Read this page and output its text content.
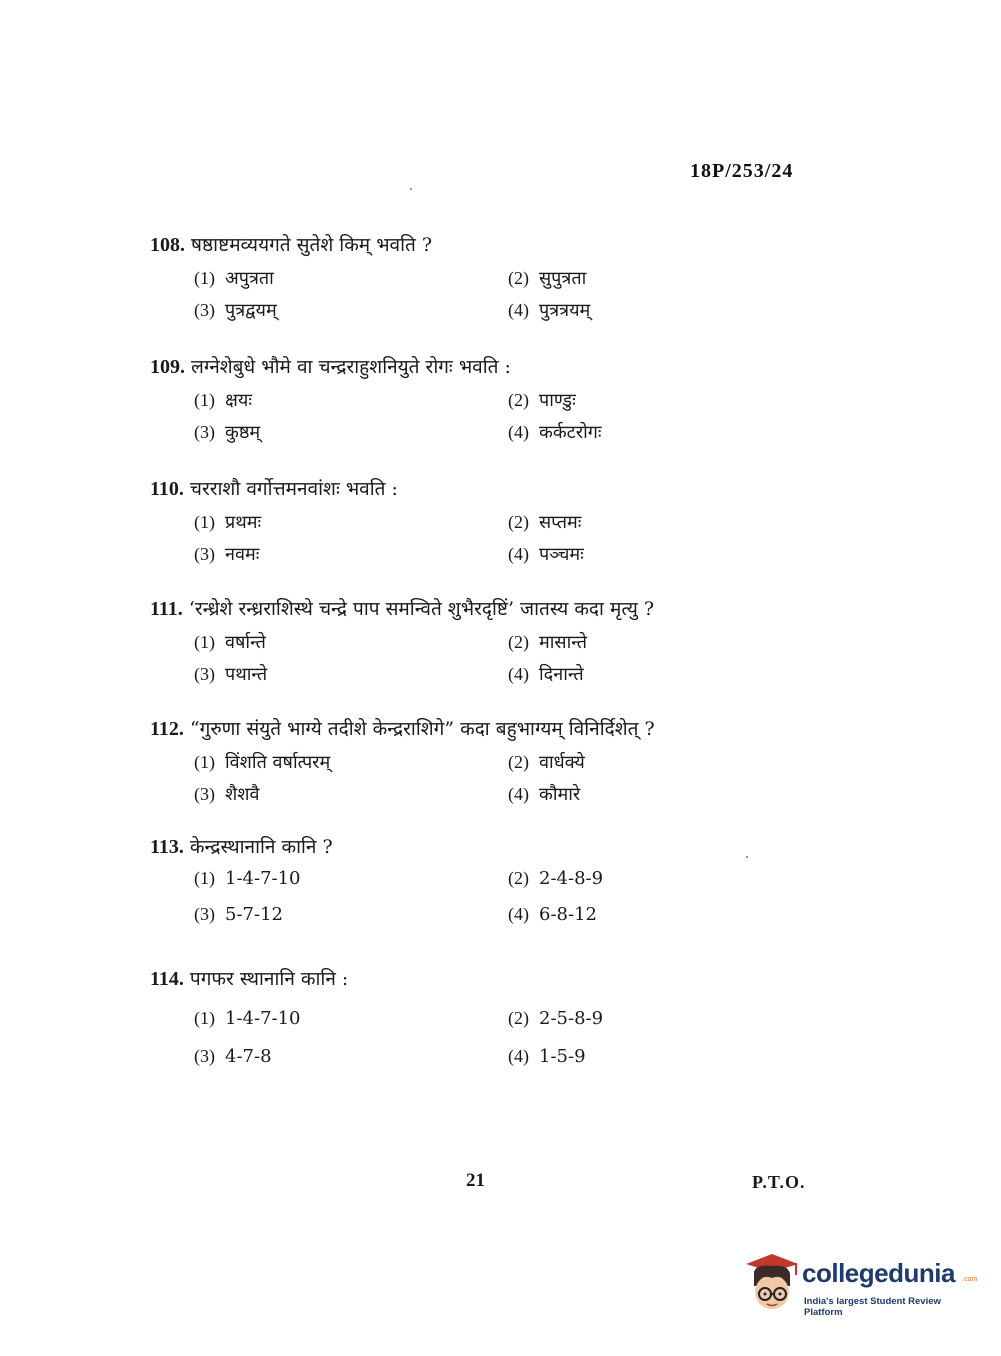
18P/253/24
108. षष्ठाष्टमव्ययगते सुतेशे किम् भवति ?
(1) अपुत्रता	(2) सुपुत्रता
(3) पुत्रद्वयम्	(4) पुत्रत्रयम्
109. लग्नेशेबुधे भौमे वा चन्द्रराहुशनियुते रोगः भवति :
(1) क्षयः	(2) पाण्डुः
(3) कुष्ठम्	(4) कर्कटरोगः
110. चरराशौ वर्गोत्तमनवांशः भवति :
(1) प्रथमः	(2) सप्तमः
(3) नवमः	(4) पञ्चमः
111. ‘रन्ध्रेशे रन्ध्रराशिस्थे चन्द्रे पाप समन्विते शुभैरदृष्टिं’ जातस्य कदा मृत्यु ?
(1) वर्षान्ते	(2) मासान्ते
(3) पथान्ते	(4) दिनान्ते
112. “गुरुणा संयुते भाग्ये तदीशे केन्द्रराशिगे” कदा बहुभाग्यम् विनिर्दिशेत् ?
(1) विंशति वर्षात्परम्	(2) वार्धक्ये
(3) शैशवै	(4) कौमारे
113. केन्द्रस्थानानि कानि ?
(1) 1-4-7-10	(2) 2-4-8-9
(3) 5-7-12	(4) 6-8-12
114. पगफर स्थानानि कानि :
(1) 1-4-7-10	(2) 2-5-8-9
(3) 4-7-8	(4) 1-5-9
21	P.T.O.
collegedunia .com
India's largest Student Review Platform
